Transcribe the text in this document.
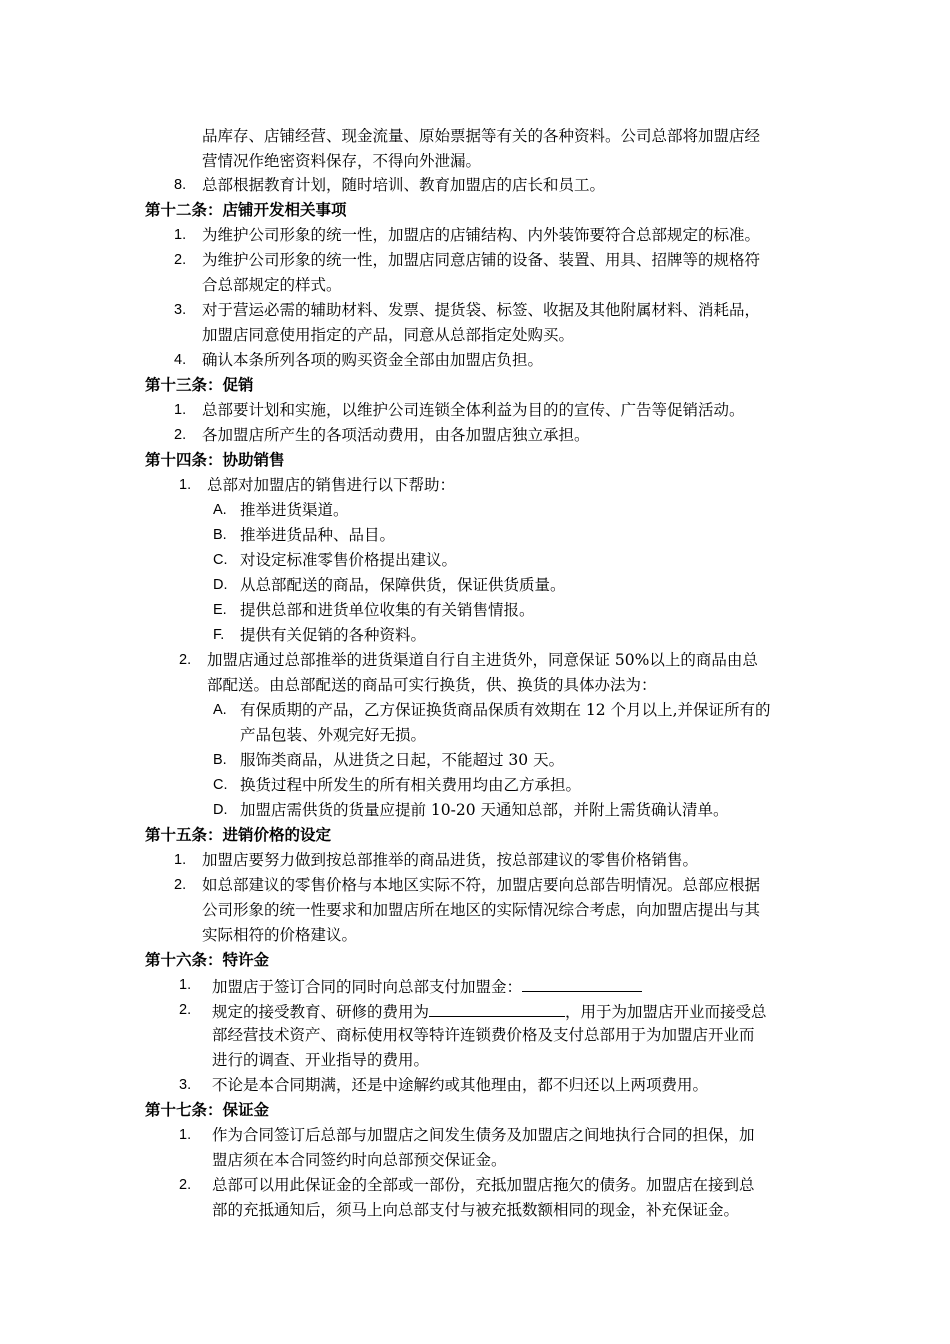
品库存、店铺经营、现金流量、原始票据等有关的各种资料。公司总部将加盟店经
营情况作绝密资料保存，不得向外泄漏。
8. 总部根据教育计划，随时培训、教育加盟店的店长和员工。
第十二条：店铺开发相关事项
1. 为维护公司形象的统一性，加盟店的店铺结构、内外装饰要符合总部规定的标准。
2. 为维护公司形象的统一性，加盟店同意店铺的设备、装置、用具、招牌等的规格符
合总部规定的样式。
3. 对于营运必需的辅助材料、发票、提货袋、标签、收据及其他附属材料、消耗品，
加盟店同意使用指定的产品，同意从总部指定处购买。
4. 确认本条所列各项的购买资金全部由加盟店负担。
第十三条：促销
1. 总部要计划和实施，以维护公司连锁全体利益为目的的宣传、广告等促销活动。
2. 各加盟店所产生的各项活动费用，由各加盟店独立承担。
第十四条：协助销售
1. 总部对加盟店的销售进行以下帮助：
A. 推举进货渠道。
B. 推举进货品种、品目。
C. 对设定标准零售价格提出建议。
D. 从总部配送的商品，保障供货，保证供货质量。
E. 提供总部和进货单位收集的有关销售情报。
F. 提供有关促销的各种资料。
2. 加盟店通过总部推举的进货渠道自行自主进货外，同意保证 50%以上的商品由总
部配送。由总部配送的商品可实行换货，供、换货的具体办法为：
A. 有保质期的产品，乙方保证换货商品保质有效期在 12 个月以上,并保证所有的
产品包装、外观完好无损。
B. 服饰类商品，从进货之日起，不能超过 30 天。
C. 换货过程中所发生的所有相关费用均由乙方承担。
D. 加盟店需供货的货量应提前 10-20 天通知总部，并附上需货确认清单。
第十五条：进销价格的设定
1. 加盟店要努力做到按总部推举的商品进货，按总部建议的零售价格销售。
2. 如总部建议的零售价格与本地区实际不符，加盟店要向总部告明情况。总部应根据
公司形象的统一性要求和加盟店所在地区的实际情况综合考虑，向加盟店提出与其
实际相符的价格建议。
第十六条：特许金
1. 加盟店于签订合同的同时向总部支付加盟金：
2. 规定的接受教育、研修的费用为	，用于为加盟店开业而接受总
部经营技术资产、商标使用权等特许连锁费价格及支付总部用于为加盟店开业而
进行的调查、开业指导的费用。
3. 不论是本合同期满，还是中途解约或其他理由，都不归还以上两项费用。
第十七条：保证金
1. 作为合同签订后总部与加盟店之间发生债务及加盟店之间地执行合同的担保，加
盟店须在本合同签约时向总部预交保证金。
2. 总部可以用此保证金的全部或一部份，充抵加盟店拖欠的债务。加盟店在接到总
部的充抵通知后，须马上向总部支付与被充抵数额相同的现金，补充保证金。
